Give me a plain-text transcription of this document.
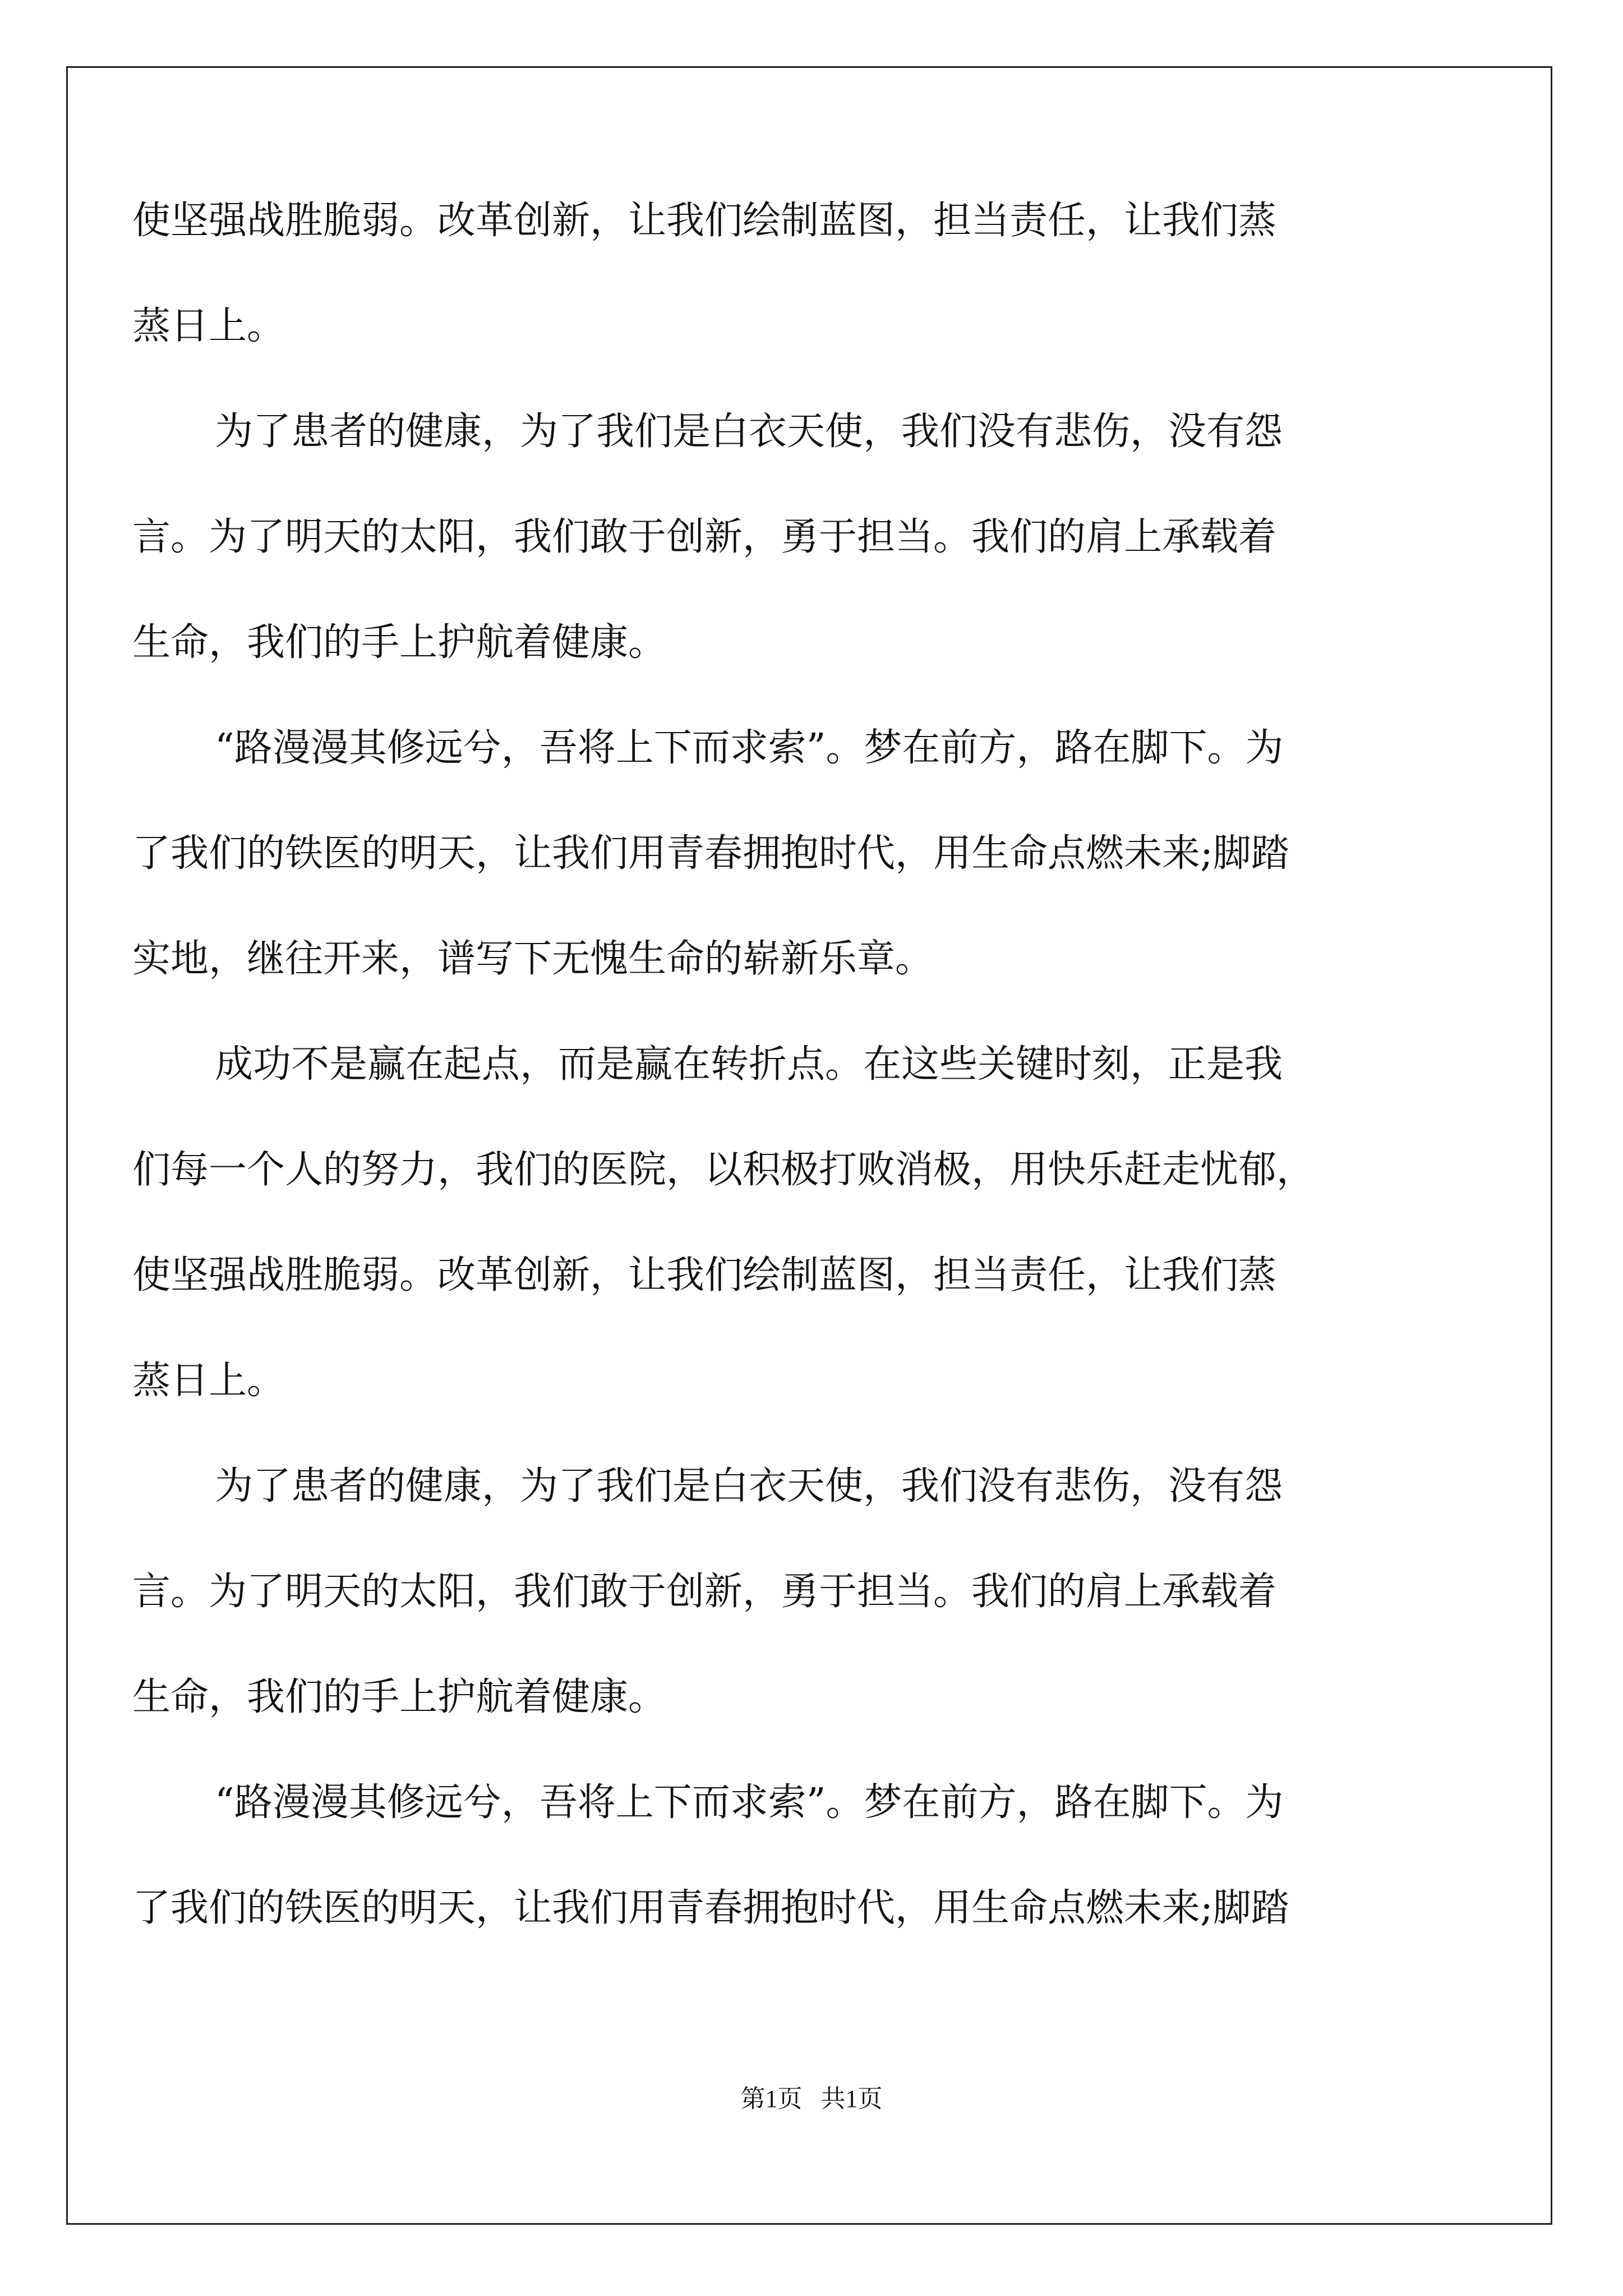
使坚强战胜脆弱。改革创新，让我们绘制蓝图，担当责任，让我们蒸
蒸日上。
为了患者的健康，为了我们是白衣天使，我们没有悲伤，没有怨
言。为了明天的太阳，我们敢于创新，勇于担当。我们的肩上承载着
生命，我们的手上护航着健康。
“路漫漫其修远兮，吾将上下而求索”。梦在前方，路在脚下。为
了我们的铁医的明天，让我们用青春拥抱时代，用生命点燃未来;脚踏
实地，继往开来，谱写下无愧生命的崭新乐章。
成功不是赢在起点，而是赢在转折点。在这些关键时刻，正是我
们每一个人的努力，我们的医院，以积极打败消极，用快乐赶走忧郁，
使坚强战胜脆弱。改革创新，让我们绘制蓝图，担当责任，让我们蒸
蒸日上。
为了患者的健康，为了我们是白衣天使，我们没有悲伤，没有怨
言。为了明天的太阳，我们敢于创新，勇于担当。我们的肩上承载着
生命，我们的手上护航着健康。
“路漫漫其修远兮，吾将上下而求索”。梦在前方，路在脚下。为
了我们的铁医的明天，让我们用青春拥抱时代，用生命点燃未来;脚踏
第1页 共1页
